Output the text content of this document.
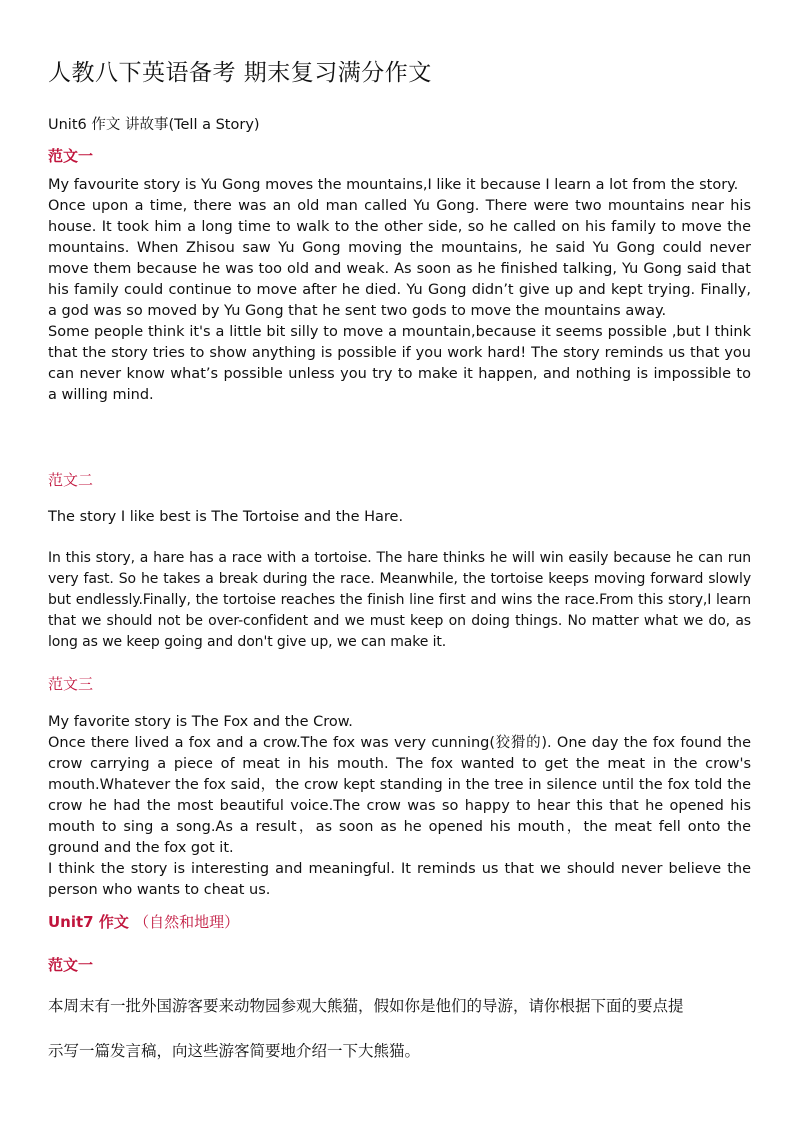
人教八下英语备考 期末复习满分作文
Unit6 作文 讲故事(Tell a Story)
范文一

My favourite story is Yu Gong moves the mountains,I like it because I learn a lot from the story.

Once upon a time, there was an old man called Yu Gong. There were two mountains near his house. It took him a long time to walk to the other side, so he called on his family to move the mountains. When Zhisou saw Yu Gong moving the mountains, he said Yu Gong could never move them because he was too old and weak. As soon as he finished talking, Yu Gong said that his family could continue to move after he died. Yu Gong didn’t give up and kept trying. Finally, a god was so moved by Yu Gong that he sent two gods to move the mountains away.

Some people think it's a little bit silly to move a mountain,because it seems possible ,but I think that the story tries to show anything is possible if you work hard! The story reminds us that you can never know what’s possible unless you try to make it happen, and nothing is impossible to a willing mind.

范文二
The story I like best is The Tortoise and the Hare.

In this story, a hare has a race with a tortoise. The hare thinks he will win easily because he can run very fast. So he takes a break during the race. Meanwhile, the tortoise keeps moving forward slowly but endlessly.Finally, the tortoise reaches the finish line first and wins the race.From this story,I learn that we should not be over-confident and we must keep on doing things. No matter what we do, as long as we keep going and don't give up, we can make it.

范文三

My favorite story is The Fox and the Crow.

Once there lived a fox and a crow.The fox was very cunning(狡猾的). One day the fox found the crow carrying a piece of meat in his mouth. The fox wanted to get the meat in the crow's mouth.Whatever the fox said，the crow kept standing in the tree in silence until the fox told the crow he had the most beautiful voice.The crow was so happy to hear this that he opened his mouth to sing a song.As a result，as soon as he opened his mouth，the meat fell onto the ground and the fox got it.

I think the story is interesting and meaningful. It reminds us that we should never believe the person who wants to cheat us.

Unit7 作文 （自然和地理）
范文一
本周末有一批外国游客要来动物园参观大熊猫，假如你是他们的导游，请你根据下面的要点提
示写一篇发言稿，向这些游客简要地介绍一下大熊猫。
